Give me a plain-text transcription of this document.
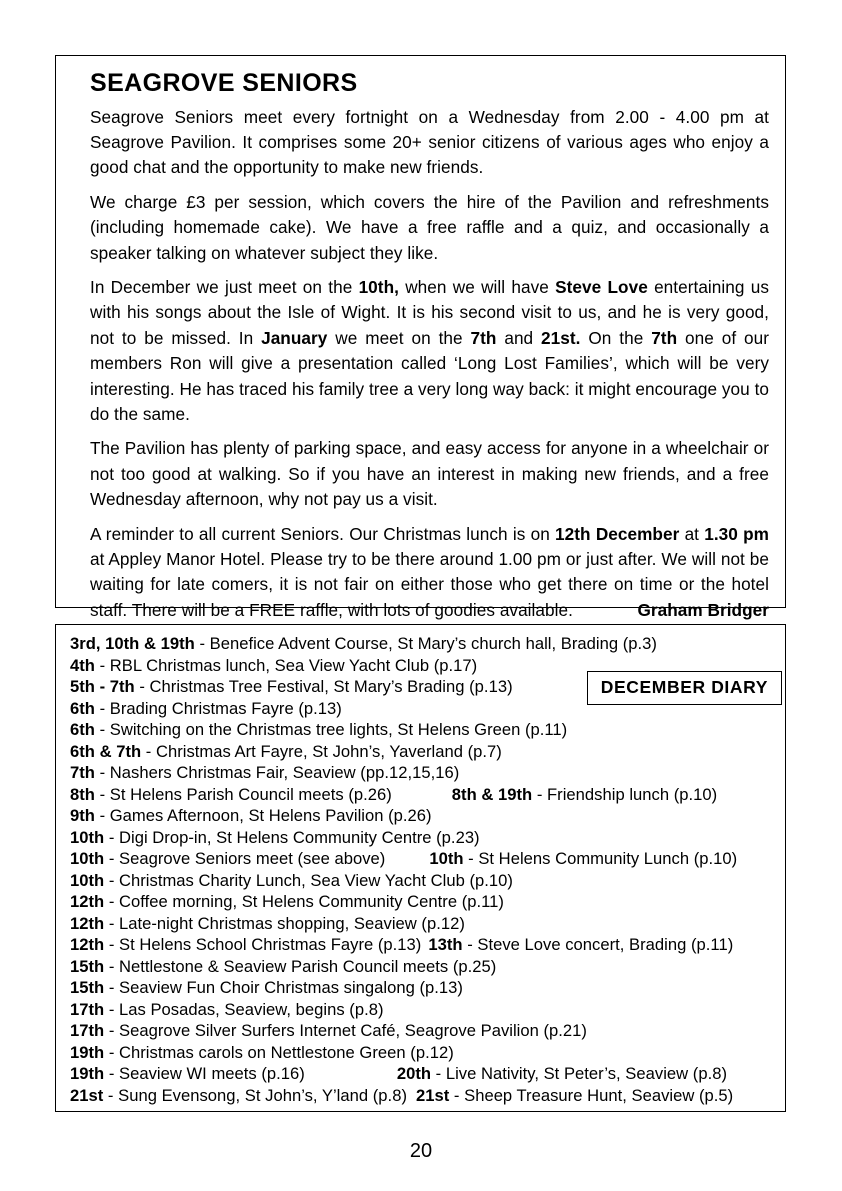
SEAGROVE SENIORS
Seagrove Seniors meet every fortnight on a Wednesday from 2.00 - 4.00 pm at Seagrove Pavilion. It comprises some 20+ senior citizens of various ages who enjoy a good chat and the opportunity to make new friends.
We charge £3 per session, which covers the hire of the Pavilion and refreshments (including homemade cake). We have a free raffle and a quiz, and occasionally a speaker talking on whatever subject they like.
In December we just meet on the 10th, when we will have Steve Love entertaining us with his songs about the Isle of Wight. It is his second visit to us, and he is very good, not to be missed. In January we meet on the 7th and 21st. On the 7th one of our members Ron will give a presentation called ‘Long Lost Families’, which will be very interesting. He has traced his family tree a very long way back: it might encourage you to do the same.
The Pavilion has plenty of parking space, and easy access for anyone in a wheelchair or not too good at walking. So if you have an interest in making new friends, and a free Wednesday afternoon, why not pay us a visit.
A reminder to all current Seniors. Our Christmas lunch is on 12th December at 1.30 pm at Appley Manor Hotel. Please try to be there around 1.00 pm or just after. We will not be waiting for late comers, it is not fair on either those who get there on time or the hotel staff. There will be a FREE raffle, with lots of goodies available.	Graham Bridger
DECEMBER DIARY
3rd, 10th & 19th - Benefice Advent Course, St Mary’s church hall, Brading (p.3)
4th - RBL Christmas lunch, Sea View Yacht Club (p.17)
5th - 7th - Christmas Tree Festival, St Mary’s Brading (p.13)
6th - Brading Christmas Fayre (p.13)
6th - Switching on the Christmas tree lights, St Helens Green (p.11)
6th & 7th - Christmas Art Fayre, St John’s, Yaverland (p.7)
7th - Nashers Christmas Fair, Seaview (pp.12,15,16)
8th - St Helens Parish Council meets (p.26)	8th & 19th - Friendship lunch (p.10)
9th - Games Afternoon, St Helens Pavilion (p.26)
10th - Digi Drop-in, St Helens Community Centre (p.23)
10th - Seagrove Seniors meet (see above)	10th - St Helens Community Lunch (p.10)
10th - Christmas Charity Lunch, Sea View Yacht Club (p.10)
12th - Coffee morning, St Helens Community Centre (p.11)
12th - Late-night Christmas shopping, Seaview (p.12)
12th - St Helens School Christmas Fayre (p.13) 13th - Steve Love concert, Brading (p.11)
15th - Nettlestone & Seaview Parish Council meets (p.25)
15th - Seaview Fun Choir Christmas singalong (p.13)
17th - Las Posadas, Seaview, begins (p.8)
17th - Seagrove Silver Surfers Internet Café, Seagrove Pavilion (p.21)
19th - Christmas carols on Nettlestone Green (p.12)
19th - Seaview WI meets (p.16)	20th - Live Nativity, St Peter’s, Seaview (p.8)
21st - Sung Evensong, St John’s, Y’land (p.8) 21st - Sheep Treasure Hunt, Seaview (p.5)
20
